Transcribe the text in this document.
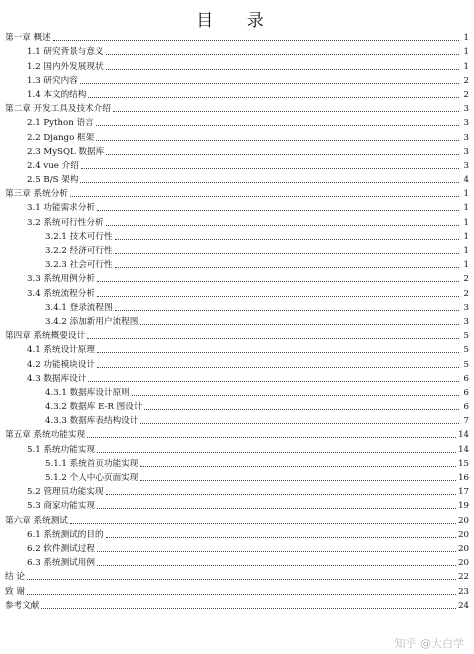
目 录
第一章 概述	1
1.1 研究背景与意义	1
1.2 国内外发展现状	1
1.3 研究内容	2
1.4 本文的结构	2
第二章 开发工具及技术介绍	3
2.1 Python 语言	3
2.2 Django 框架	3
2.3 MySQL 数据库	3
2.4 vue 介绍	3
2.5 B/S 架构	4
第三章 系统分析	1
3.1 功能需求分析	1
3.2 系统可行性分析	1
3.2.1 技术可行性	1
3.2.2 经济可行性	1
3.2.3 社会可行性	1
3.3 系统用例分析	2
3.4 系统流程分析	2
3.4.1 登录流程图	3
3.4.2 添加新用户流程图	3
第四章 系统概要设计	5
4.1 系统设计原理	5
4.2 功能模块设计	5
4.3 数据库设计	6
4.3.1 数据库设计原则	6
4.3.2 数据库 E-R 图设计	6
4.3.3 数据库表结构设计	7
第五章 系统功能实现	14
5.1 系统功能实现	14
5.1.1 系统首页功能实现	15
5.1.2 个人中心页面实现	16
5.2 管理员功能实现	17
5.3 商家功能实现	19
第六章 系统测试	20
6.1 系统测试的目的	20
6.2 软件测试过程	20
6.3 系统测试用例	20
结 论	22
致 谢	23
参考文献	24
知乎 @大白学
